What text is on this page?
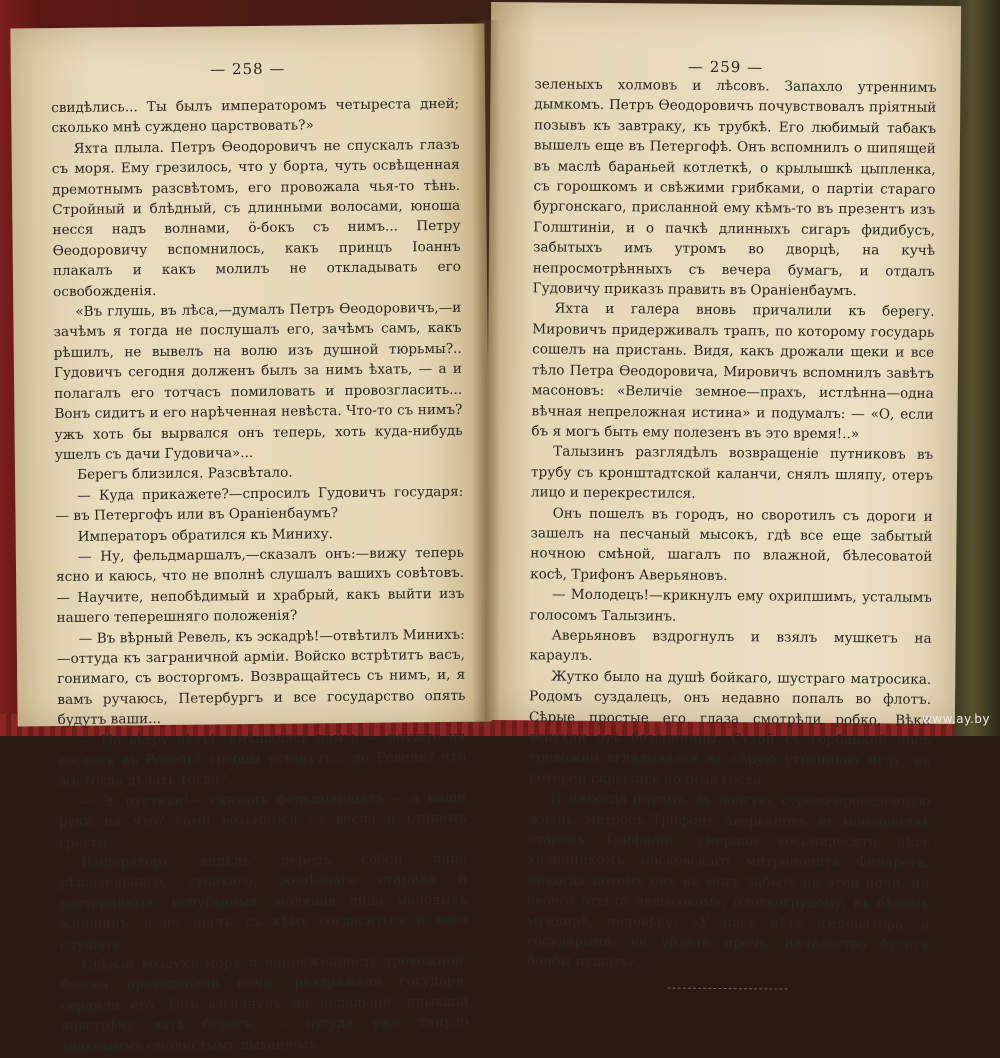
— 258 —

свидѣлись... Ты былъ императоромъ четыреста дней; сколько мнѣ суждено царствовать?»

Яхта плыла. Петръ Ѳеодоровичъ не спускалъ глазъ съ моря. Ему грезилось, что у борта, чуть освѣщенная дремотнымъ разсвѣтомъ, его провожала чья-то тѣнь. Стройный и блѣдный, съ длинными волосами, юноша несся надъ волнами, ö-бокъ съ нимъ... Петру Ѳеодоровичу вспомнилось, какъ принцъ Іоаннъ плакалъ и какъ молилъ не откладывать его освобожденія.

«Въ глушь, въ лѣса,—думалъ Петръ Ѳеодоровичъ,—и зачѣмъ я тогда не послушалъ его, зачѣмъ самъ, какъ рѣшилъ, не вывелъ на волю изъ душной тюрьмы?.. Гудовичъ сегодня долженъ былъ за нимъ ѣхать, — а и полагалъ его тотчасъ помиловать и провозгласить... Вонъ сидитъ и его нарѣченная невѣста. Что-то съ нимъ? ужъ хоть бы вырвался онъ теперь, хоть куда-нибудь ушелъ съ дачи Гудовича»...

Берегъ близился. Разсвѣтало.

— Куда прикажете?—спросилъ Гудовичъ государя: — въ Петергофъ или въ Ораніенбаумъ?

Императоръ обратился къ Миниху.

— Ну, фельдмаршалъ,—сказалъ онъ:—вижу теперь ясно и каюсь, что не вполнѣ слушалъ вашихъ совѣтовъ. — Научите, непобѣдимый и храбрый, какъ выйти изъ нашего теперешняго положенія?

— Въ вѣрный Ревель, къ эскадрѣ!—отвѣтилъ Минихъ:—оттуда къ заграничной арміи. Войско встрѣтитъ васъ, гонимаго, съ восторгомъ. Возвращайтесь съ нимъ, и, я вамъ ручаюсь, Петербургъ и все государство опять будутъ ваши...

— Но вѣтру нѣтъ!—вмѣшались дамы: — неужто на веслахъ въ Ревель? гребцы устанутъ... до Ревеля? что жъ тогда дѣлать тогда?

— Э, пустяки!— сказалъ фельдмаршалъ:— а наши руки на что? сами возьмемся за весла и станемъ грести...

Императоръ видѣлъ передъ собой лицо рѣшительнаго, стойкаго, желѣзнаго старика и растерянныя, испуганныя, молящія лица молодыхъ женщинъ, и не зналъ, съ кѣмъ согласиться и кого слушать.

Свѣжій воздухъ моря и напряженность тревожной, безсна проведенной ночи, раздражали государя, сердили его. Онъ взглянулъ на недальній, плывшій навстрѣчу яхтѣ берегъ, — оттуда уже тянуло знакомымъ смолистымъ дыханіемъ

— 259 —

зеленыхъ холмовъ и лѣсовъ. Запахло утреннимъ дымкомъ. Петръ Ѳеодоровичъ почувствовалъ пріятный позывъ къ завтраку, къ трубкѣ. Его любимый табакъ вышелъ еще въ Петергофѣ. Онъ вспомнилъ о шипящей въ маслѣ бараньей котлеткѣ, о крылышкѣ цыпленка, съ горошкомъ и свѣжими грибками, о партіи стараго бургонскаго, присланной ему кѣмъ-то въ презентъ изъ Голштиніи, и о пачкѣ длинныхъ сигаръ фидибусъ, забытыхъ имъ утромъ во дворцѣ, на кучѣ непросмотрѣнныхъ съ вечера бумагъ, и отдалъ Гудовичу приказъ править въ Ораніенбаумъ.

Яхта и галера вновь причалили къ берегу. Мировичъ придерживалъ трапъ, по которому государь сошелъ на пристань. Видя, какъ дрожали щеки и все тѣло Петра Ѳеодоровича, Мировичъ вспомнилъ завѣтъ масоновъ: «Величіе земное—прахъ, истлѣнна—одна вѣчная непреложная истина» и подумалъ: — «О, если бъ я могъ быть ему полезенъ въ это время!..»

Талызинъ разглядѣлъ возвращеніе путниковъ въ трубу съ кронштадтской каланчи, снялъ шляпу, отеръ лицо и перекрестился.

Онъ пошелъ въ городъ, но своротилъ съ дороги и зашелъ на песчаный мысокъ, гдѣ все еще забытый ночною смѣной, шагалъ по влажной, бѣлесоватой косѣ, Трифонъ Аверьяновъ.

— Молодецъ!—крикнулъ ему охрипшимъ, усталымъ голосомъ Талызинъ.

Аверьяновъ вздрогнулъ и взялъ мушкетъ на караулъ.

Жутко было на душѣ бойкаго, шустраго матросика. Родомъ суздалецъ, онъ недавно попалъ во флотъ. Сѣрые простые его глаза смотрѣли робко. Вѣки вспухли отъ безсонницы. Сухой съ горбинкой носъ тревожно вглядывался въ сѣрую утреннюю мглу, въ которой скрылись ночные гости.

И никогда потомъ, въ долгую, сурово-проведенную жизнь, матросъ Трифонъ Аверьяновъ, въ монашествѣ старецъ Трифилій, умершій восьмидесяти лѣтъ келейникомъ московскаго митрополита Филарета, никогда потомъ онъ не могъ забыть ни этой ночи, ни своего отвѣта невысокому, плоскогрудому, въ бѣломъ мундирѣ, человѣку: «У насъ нѣтъ императора, а государыня; не уйдете прочь, начальство будетъ бонбы пущать»...

www.ay.by
